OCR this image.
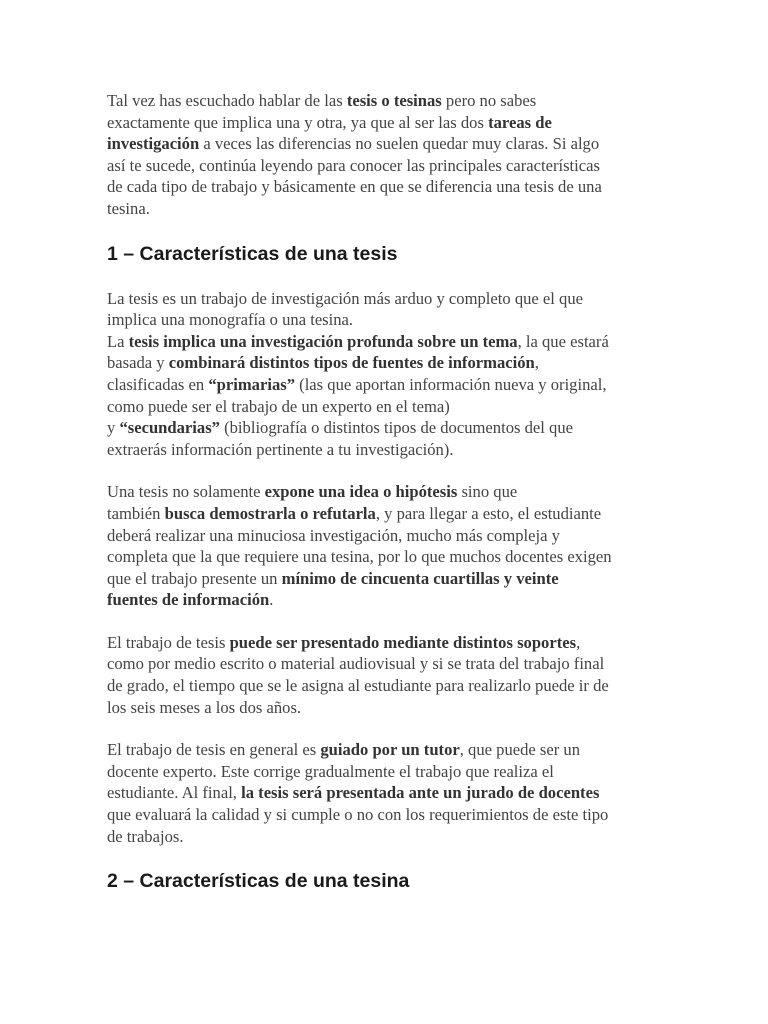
Tal vez has escuchado hablar de las tesis o tesinas pero no sabes
exactamente que implica una y otra, ya que al ser las dos tareas de
investigación a veces las diferencias no suelen quedar muy claras. Si algo
así te sucede, continúa leyendo para conocer las principales características
de cada tipo de trabajo y básicamente en que se diferencia una tesis de una
tesina.

1 – Características de una tesis

La tesis es un trabajo de investigación más arduo y completo que el que
implica una monografía o una tesina.
La tesis implica una investigación profunda sobre un tema, la que estará
basada y combinará distintos tipos de fuentes de información,
clasificadas en “primarias” (las que aportan información nueva y original,
como puede ser el trabajo de un experto en el tema)
y “secundarias” (bibliografía o distintos tipos de documentos del que
extraerás información pertinente a tu investigación).

Una tesis no solamente expone una idea o hipótesis sino que
también busca demostrarla o refutarla, y para llegar a esto, el estudiante
deberá realizar una minuciosa investigación, mucho más compleja y
completa que la que requiere una tesina, por lo que muchos docentes exigen
que el trabajo presente un mínimo de cincuenta cuartillas y veinte
fuentes de información.

El trabajo de tesis puede ser presentado mediante distintos soportes,
como por medio escrito o material audiovisual y si se trata del trabajo final
de grado, el tiempo que se le asigna al estudiante para realizarlo puede ir de
los seis meses a los dos años.

El trabajo de tesis en general es guiado por un tutor, que puede ser un
docente experto. Este corrige gradualmente el trabajo que realiza el
estudiante. Al final, la tesis será presentada ante un jurado de docentes
que evaluará la calidad y si cumple o no con los requerimientos de este tipo
de trabajos.

2 – Características de una tesina
